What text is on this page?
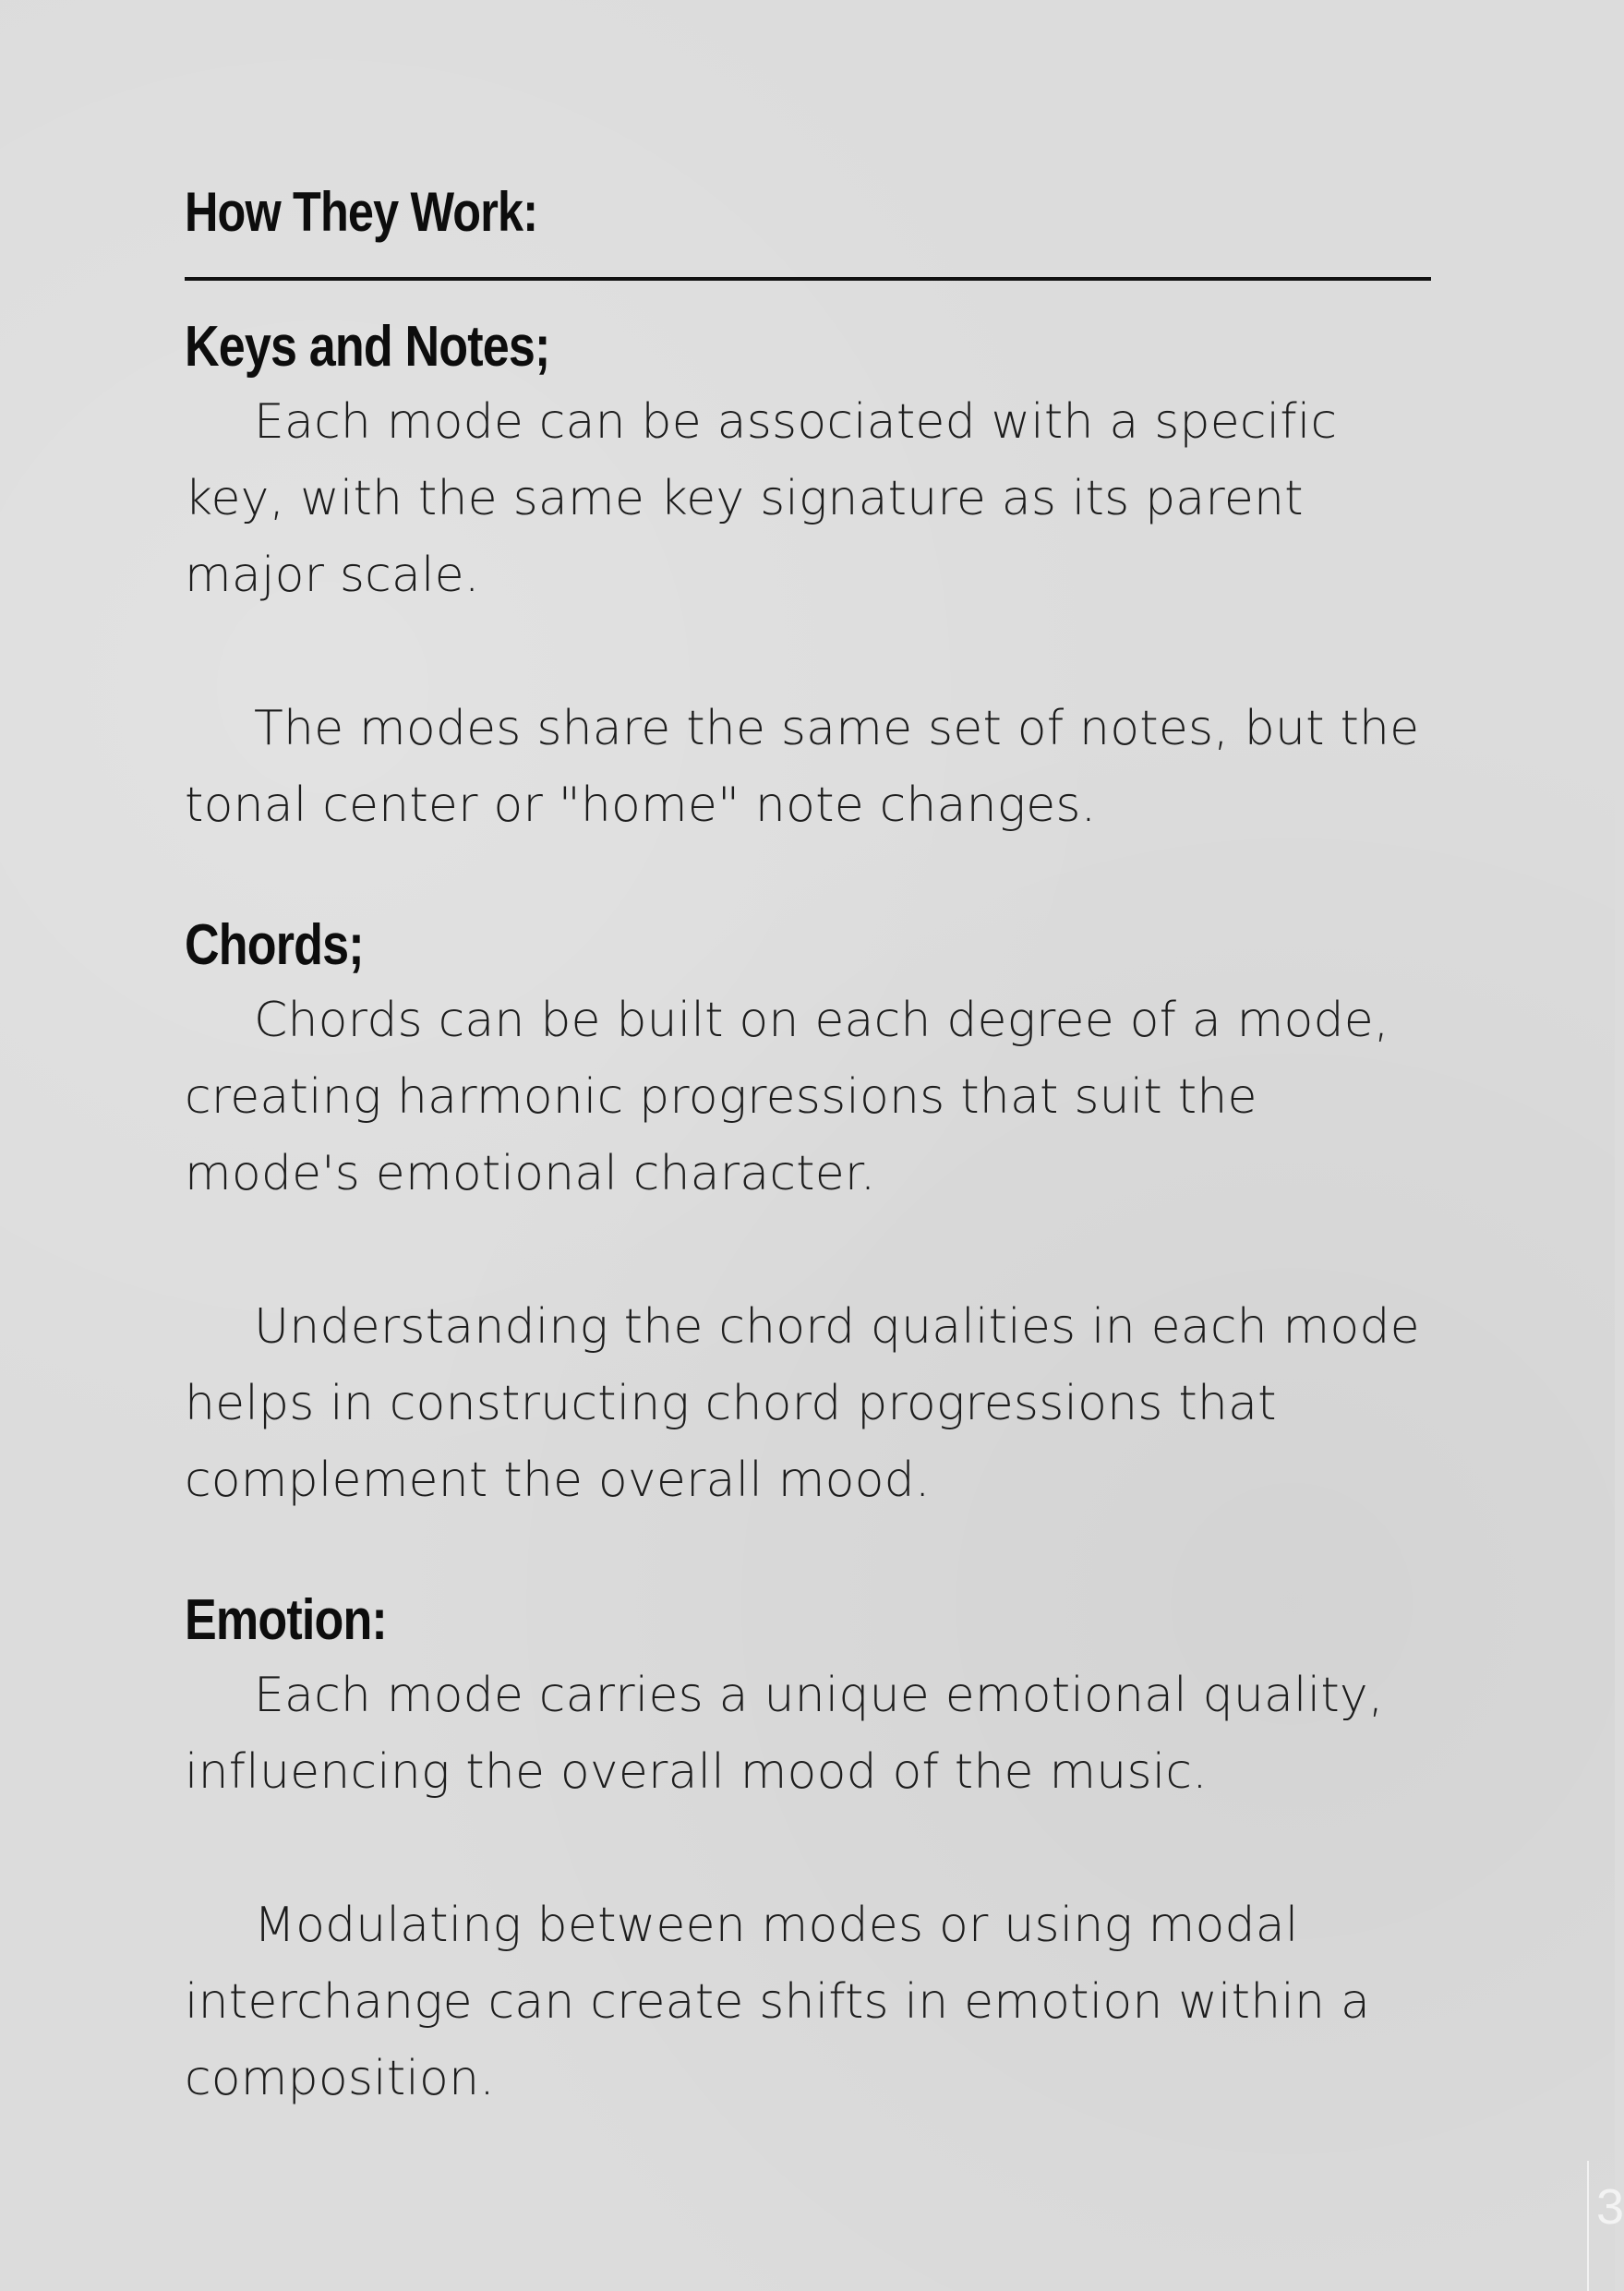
How They Work:
Keys and Notes;

Each mode can be associated with a specific key, with the same key signature as its parent major scale.

The modes share the same set of notes, but the tonal center or "home" note changes.

Chords;

Chords can be built on each degree of a mode, creating harmonic progressions that suit the mode's emotional character.

Understanding the chord qualities in each mode helps in constructing chord progressions that complement the overall mood.

Emotion:

Each mode carries a unique emotional quality, influencing the overall mood of the music.

Modulating between modes or using modal interchange can create shifts in emotion within a composition.

3
